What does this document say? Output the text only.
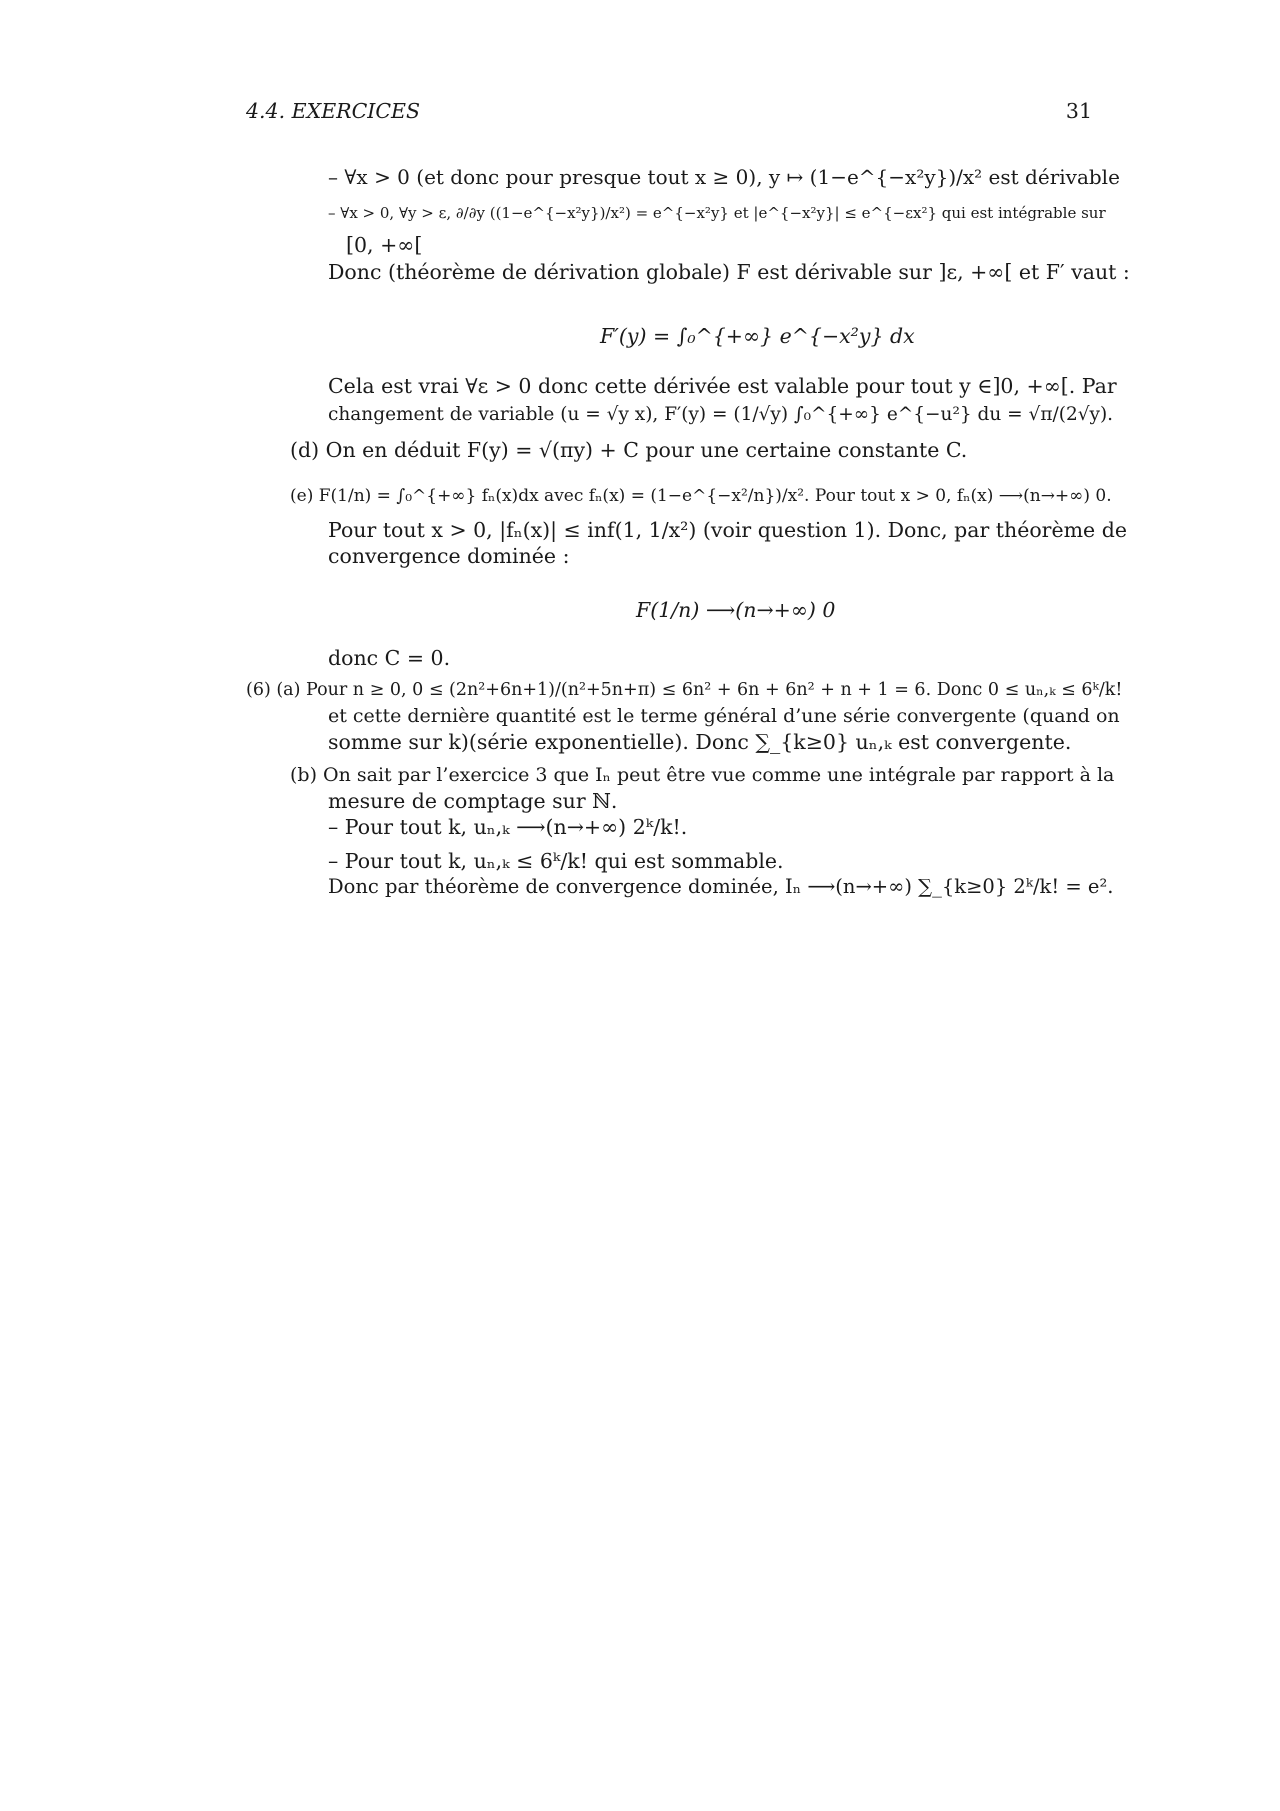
4.4. EXERCICES	31
– ∀x > 0 (et donc pour presque tout x ≥ 0), y ↦ (1−e^{−x²y})/x² est dérivable
– ∀x > 0, ∀y > ε, ∂/∂y ((1−e^{−x²y})/x²) = e^{−x²y} et |e^{−x²y}| ≤ e^{−εx²} qui est intégrable sur
[0, +∞[
Donc (théorème de dérivation globale) F est dérivable sur ]ε, +∞[ et F′ vaut :
F′(y) = ∫₀^{+∞} e^{−x²y} dx
Cela est vrai ∀ε > 0 donc cette dérivée est valable pour tout y ∈]0, +∞[. Par
changement de variable (u = √y x), F′(y) = (1/√y) ∫₀^{+∞} e^{−u²} du = √π/(2√y).
(d) On en déduit F(y) = √(πy) + C pour une certaine constante C.
(e) F(1/n) = ∫₀^{+∞} fₙ(x)dx avec fₙ(x) = (1−e^{−x²/n})/x². Pour tout x > 0, fₙ(x) ⟶(n→+∞) 0.
Pour tout x > 0, |fₙ(x)| ≤ inf(1, 1/x²) (voir question 1). Donc, par théorème de
convergence dominée :
F(1/n) ⟶(n→+∞) 0
donc C = 0.
(6) (a) Pour n ≥ 0, 0 ≤ (2n²+6n+1)/(n²+5n+π) ≤ 6n² + 6n + 6n² + n + 1 = 6. Donc 0 ≤ uₙ,ₖ ≤ 6ᵏ/k!
et cette dernière quantité est le terme général d’une série convergente (quand on
somme sur k)(série exponentielle). Donc ∑_{k≥0} uₙ,ₖ est convergente.
(b) On sait par l’exercice 3 que Iₙ peut être vue comme une intégrale par rapport à la
mesure de comptage sur ℕ.
– Pour tout k, uₙ,ₖ ⟶(n→+∞) 2ᵏ/k!.
– Pour tout k, uₙ,ₖ ≤ 6ᵏ/k! qui est sommable.
Donc par théorème de convergence dominée, Iₙ ⟶(n→+∞) ∑_{k≥0} 2ᵏ/k! = e².
